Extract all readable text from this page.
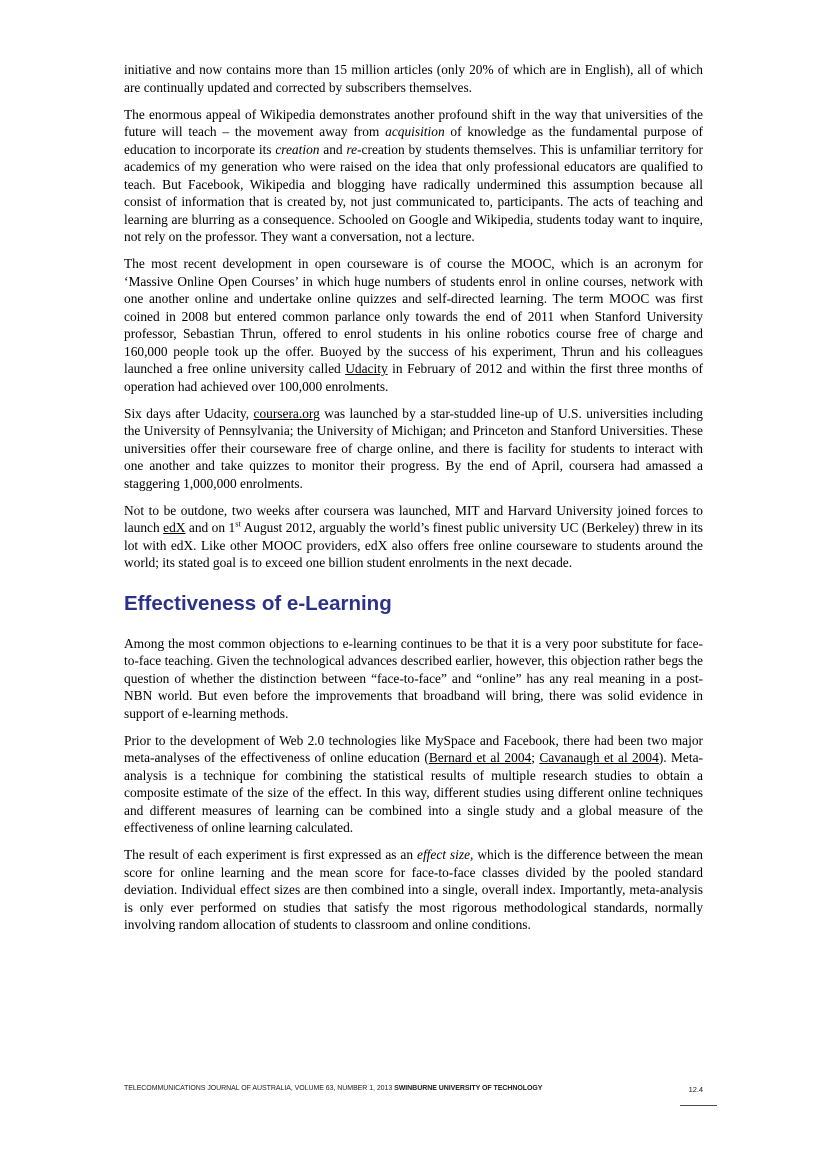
initiative and now contains more than 15 million articles (only 20% of which are in English), all of which are continually updated and corrected by subscribers themselves.

The enormous appeal of Wikipedia demonstrates another profound shift in the way that universities of the future will teach – the movement away from acquisition of knowledge as the fundamental purpose of education to incorporate its creation and re-creation by students themselves. This is unfamiliar territory for academics of my generation who were raised on the idea that only professional educators are qualified to teach. But Facebook, Wikipedia and blogging have radically undermined this assumption because all consist of information that is created by, not just communicated to, participants. The acts of teaching and learning are blurring as a consequence. Schooled on Google and Wikipedia, students today want to inquire, not rely on the professor. They want a conversation, not a lecture.

The most recent development in open courseware is of course the MOOC, which is an acronym for ‘Massive Online Open Courses’ in which huge numbers of students enrol in online courses, network with one another online and undertake online quizzes and self-directed learning. The term MOOC was first coined in 2008 but entered common parlance only towards the end of 2011 when Stanford University professor, Sebastian Thrun, offered to enrol students in his online robotics course free of charge and 160,000 people took up the offer. Buoyed by the success of his experiment, Thrun and his colleagues launched a free online university called Udacity in February of 2012 and within the first three months of operation had achieved over 100,000 enrolments.

Six days after Udacity, coursera.org was launched by a star-studded line-up of U.S. universities including the University of Pennsylvania; the University of Michigan; and Princeton and Stanford Universities. These universities offer their courseware free of charge online, and there is facility for students to interact with one another and take quizzes to monitor their progress. By the end of April, coursera had amassed a staggering 1,000,000 enrolments.

Not to be outdone, two weeks after coursera was launched, MIT and Harvard University joined forces to launch edX and on 1st August 2012, arguably the world’s finest public university UC (Berkeley) threw in its lot with edX. Like other MOOC providers, edX also offers free online courseware to students around the world; its stated goal is to exceed one billion student enrolments in the next decade.

Effectiveness of e-Learning

Among the most common objections to e-learning continues to be that it is a very poor substitute for face-to-face teaching. Given the technological advances described earlier, however, this objection rather begs the question of whether the distinction between “face-to-face” and “online” has any real meaning in a post-NBN world. But even before the improvements that broadband will bring, there was solid evidence in support of e-learning methods.

Prior to the development of Web 2.0 technologies like MySpace and Facebook, there had been two major meta-analyses of the effectiveness of online education (Bernard et al 2004; Cavanaugh et al 2004). Meta-analysis is a technique for combining the statistical results of multiple research studies to obtain a composite estimate of the size of the effect. In this way, different studies using different online techniques and different measures of learning can be combined into a single study and a global measure of the effectiveness of online learning calculated.

The result of each experiment is first expressed as an effect size, which is the difference between the mean score for online learning and the mean score for face-to-face classes divided by the pooled standard deviation. Individual effect sizes are then combined into a single, overall index. Importantly, meta-analysis is only ever performed on studies that satisfy the most rigorous methodological standards, normally involving random allocation of students to classroom and online conditions.

TELECOMMUNICATIONS JOURNAL OF AUSTRALIA, VOLUME 63, NUMBER 1, 2013 SWINBURNE UNIVERSITY OF TECHNOLOGY	12.4
